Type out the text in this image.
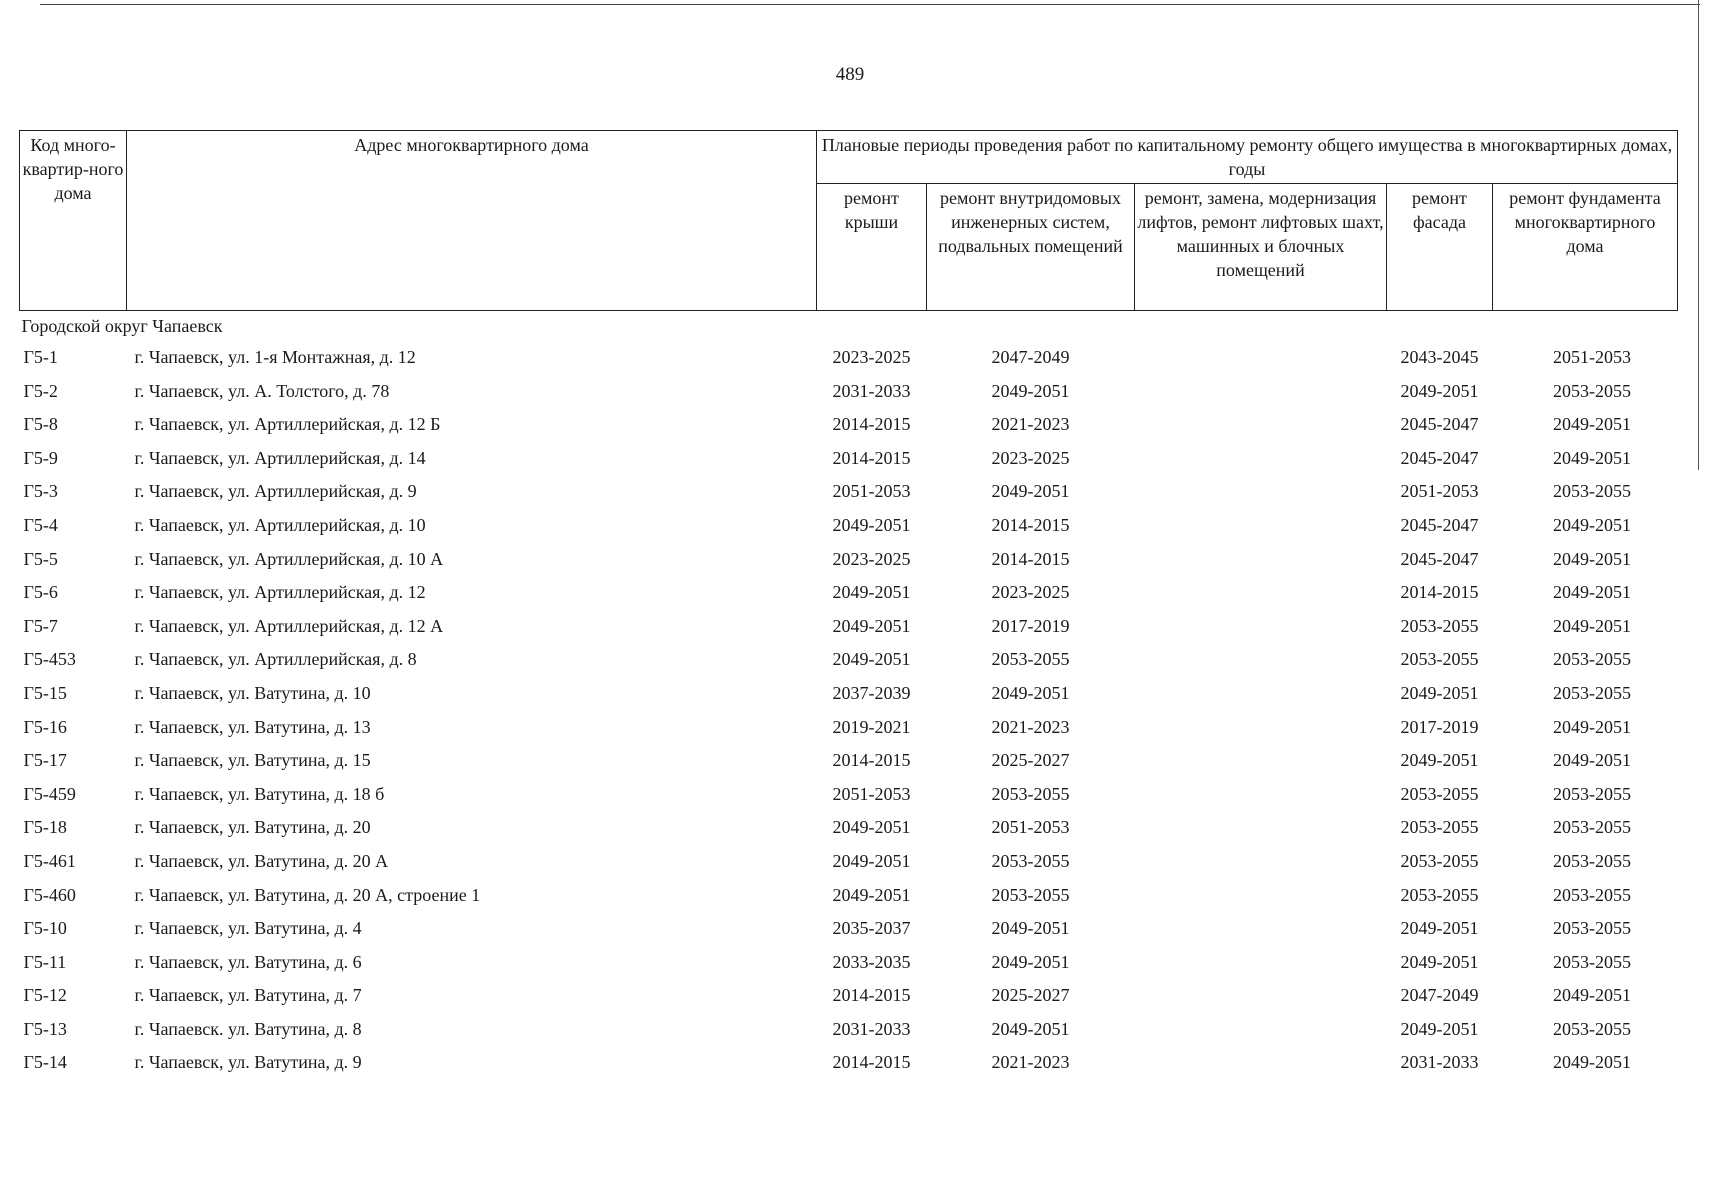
489
Код много-квартир-ного дома	Адрес многоквартирного дома	Плановые периоды проведения работ по капитальному ремонту общего имущества в многоквартирных домах, годы				
		ремонт крыши	ремонт внутридомовых инженерных систем, подвальных помещений	ремонт, замена, модернизация лифтов, ремонт лифтовых шахт, машинных и блочных помещений	ремонт фасада	ремонт фундамента многоквартирного дома
Городской округ Чапаевск						
Г5-1	г. Чапаевск, ул. 1-я Монтажная, д. 12	2023-2025	2047-2049		2043-2045	2051-2053
Г5-2	г. Чапаевск, ул. А. Толстого, д. 78	2031-2033	2049-2051		2049-2051	2053-2055
Г5-8	г. Чапаевск, ул. Артиллерийская, д. 12 Б	2014-2015	2021-2023		2045-2047	2049-2051
Г5-9	г. Чапаевск, ул. Артиллерийская, д. 14	2014-2015	2023-2025		2045-2047	2049-2051
Г5-3	г. Чапаевск, ул. Артиллерийская, д. 9	2051-2053	2049-2051		2051-2053	2053-2055
Г5-4	г. Чапаевск, ул. Артиллерийская, д. 10	2049-2051	2014-2015		2045-2047	2049-2051
Г5-5	г. Чапаевск, ул. Артиллерийская, д. 10 А	2023-2025	2014-2015		2045-2047	2049-2051
Г5-6	г. Чапаевск, ул. Артиллерийская, д. 12	2049-2051	2023-2025		2014-2015	2049-2051
Г5-7	г. Чапаевск, ул. Артиллерийская, д. 12 А	2049-2051	2017-2019		2053-2055	2049-2051
Г5-453	г. Чапаевск, ул. Артиллерийская, д. 8	2049-2051	2053-2055		2053-2055	2053-2055
Г5-15	г. Чапаевск, ул. Ватутина, д. 10	2037-2039	2049-2051		2049-2051	2053-2055
Г5-16	г. Чапаевск, ул. Ватутина, д. 13	2019-2021	2021-2023		2017-2019	2049-2051
Г5-17	г. Чапаевск, ул. Ватутина, д. 15	2014-2015	2025-2027		2049-2051	2049-2051
Г5-459	г. Чапаевск, ул. Ватутина, д. 18 б	2051-2053	2053-2055		2053-2055	2053-2055
Г5-18	г. Чапаевск, ул. Ватутина, д. 20	2049-2051	2051-2053		2053-2055	2053-2055
Г5-461	г. Чапаевск, ул. Ватутина, д. 20 А	2049-2051	2053-2055		2053-2055	2053-2055
Г5-460	г. Чапаевск, ул. Ватутина, д. 20 А, строение 1	2049-2051	2053-2055		2053-2055	2053-2055
Г5-10	г. Чапаевск, ул. Ватутина, д. 4	2035-2037	2049-2051		2049-2051	2053-2055
Г5-11	г. Чапаевск, ул. Ватутина, д. 6	2033-2035	2049-2051		2049-2051	2053-2055
Г5-12	г. Чапаевск, ул. Ватутина, д. 7	2014-2015	2025-2027		2047-2049	2049-2051
Г5-13	г. Чапаевск. ул. Ватутина, д. 8	2031-2033	2049-2051		2049-2051	2053-2055
Г5-14	г. Чапаевск, ул. Ватутина, д. 9	2014-2015	2021-2023		2031-2033	2049-2051
